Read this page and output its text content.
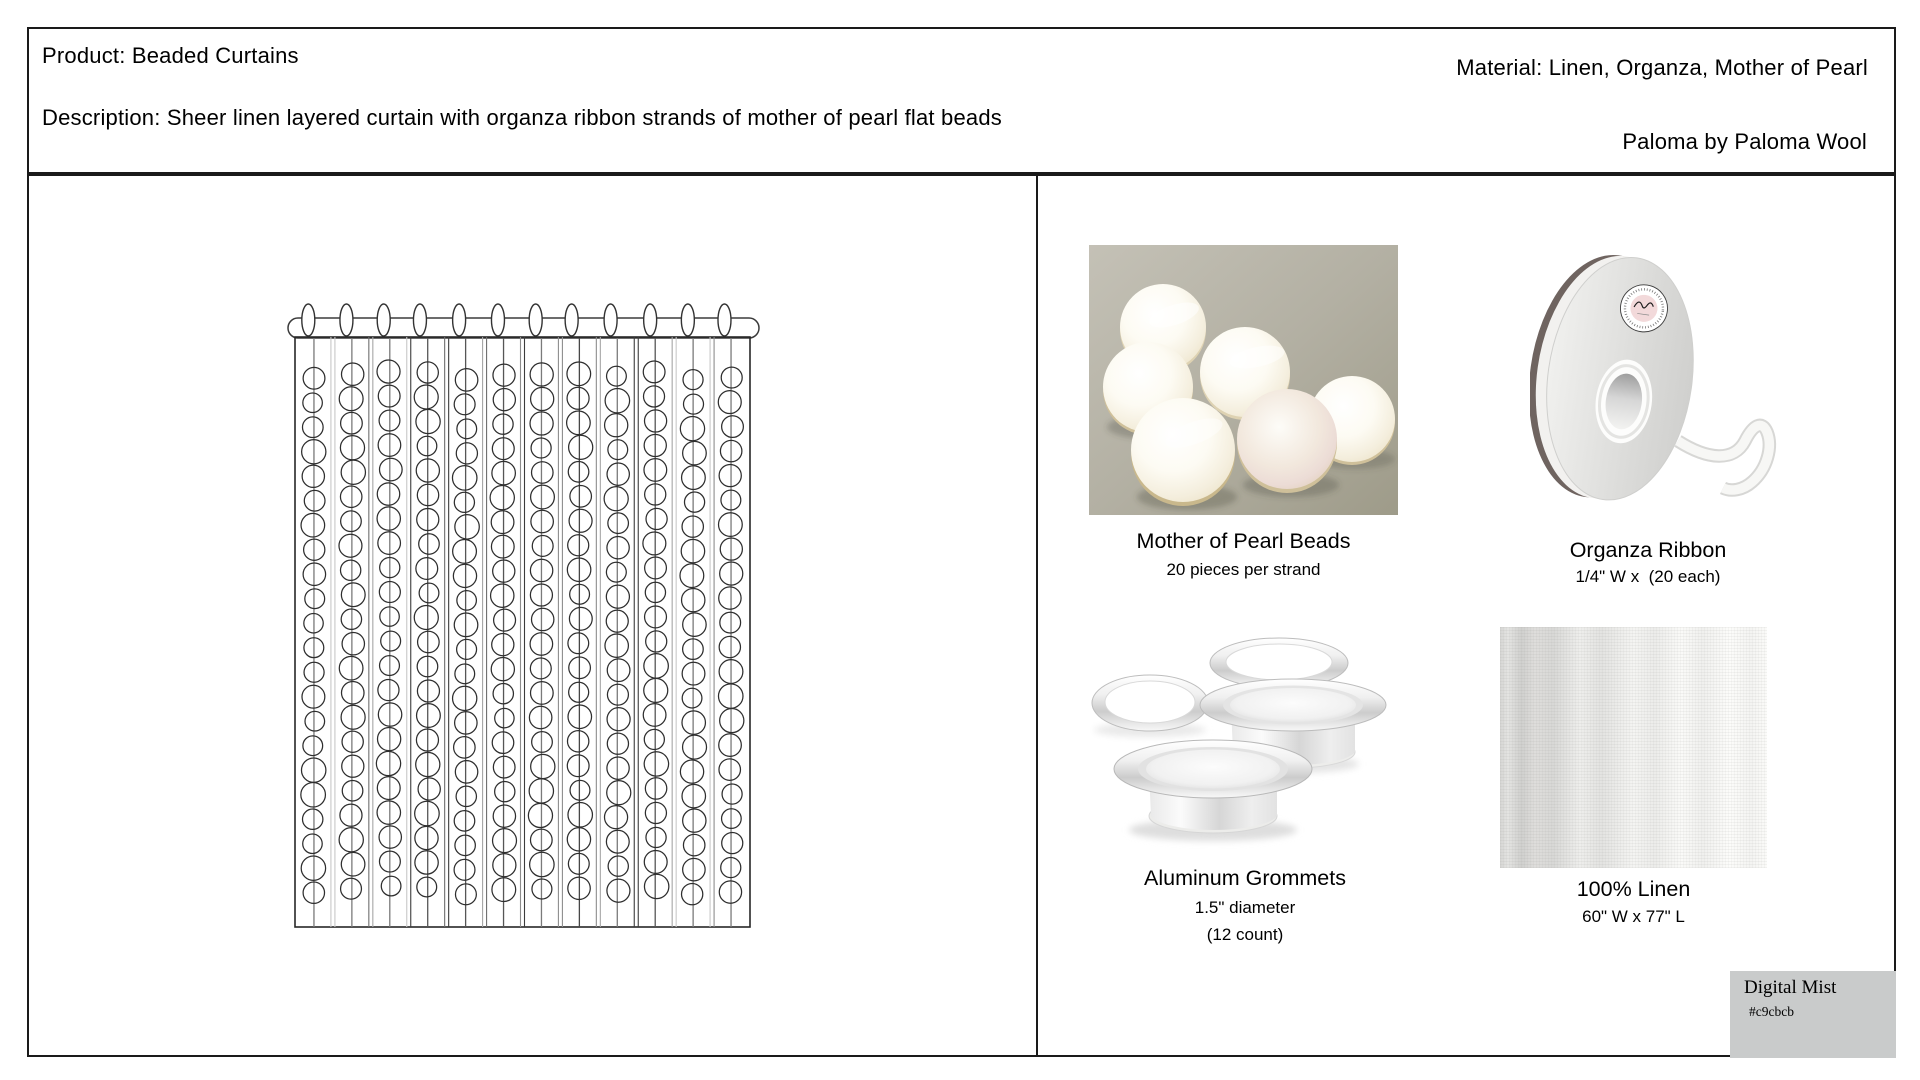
Product: Beaded Curtains
Description: Sheer linen layered curtain with organza ribbon strands of mother of pearl flat beads
Material: Linen, Organza, Mother of Pearl
Paloma by Paloma Wool
Mother of Pearl Beads
20 pieces per strand
Organza Ribbon
1/4" W x  (20 each)
Aluminum Grommets
1.5" diameter
(12 count)
100% Linen
60" W x 77" L
Digital Mist
#c9cbcb
